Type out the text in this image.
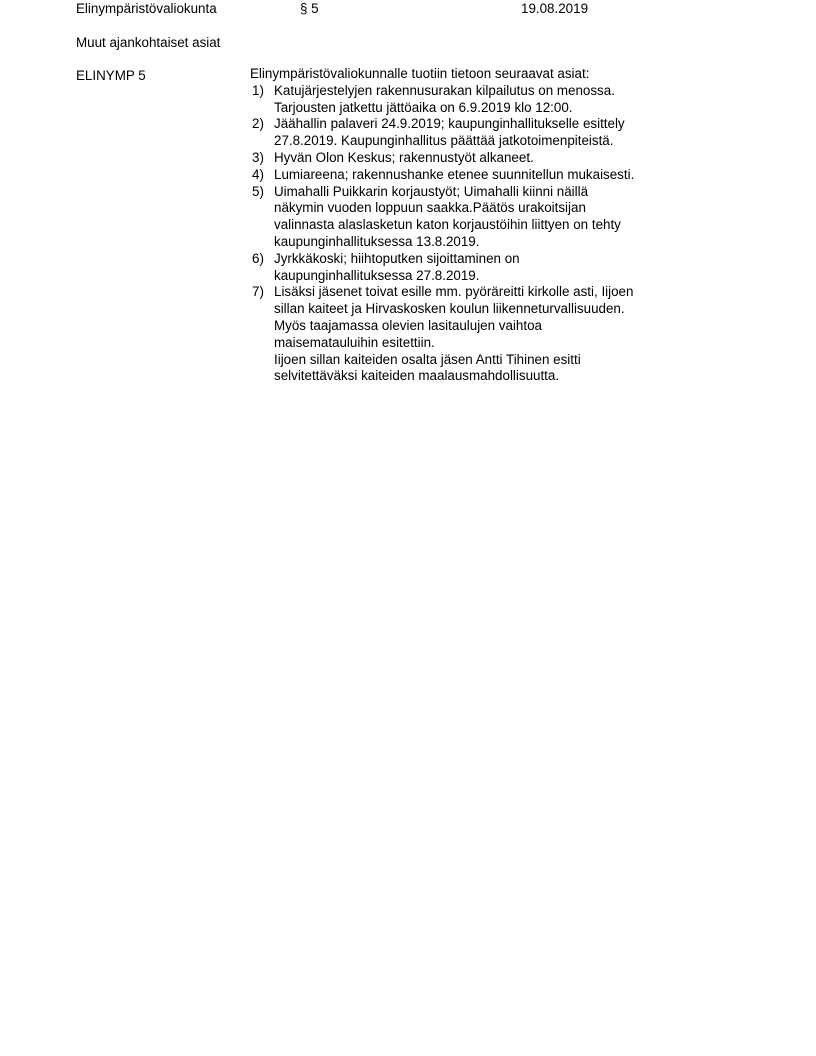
Elinympäristövaliokunta	§ 5	19.08.2019
Muut ajankohtaiset asiat
ELINYMP 5	Elinympäristövaliokunnalle tuotiin tietoon seuraavat asiat:
1) Katujärjestelyjen rakennusurakan kilpailutus on menossa.
Tarjousten jatkettu jättöaika on 6.9.2019 klo 12:00.
2) Jäähallin palaveri 24.9.2019; kaupunginhallitukselle esittely
27.8.2019. Kaupunginhallitus päättää jatkotoimenpiteistä.
3) Hyvän Olon Keskus; rakennustyöt alkaneet.
4) Lumiareena; rakennushanke etenee suunnitellun mukaisesti.
5) Uimahalli Puikkarin korjaustyöt; Uimahalli kiinni näillä
näkymin vuoden loppuun saakka.Päätös urakoitsijan
valinnasta alaslasketun katon korjaustöihin liittyen on tehty
kaupunginhallituksessa 13.8.2019.
6) Jyrkkäkoski; hiihtoputken sijoittaminen on
kaupunginhallituksessa 27.8.2019.
7) Lisäksi jäsenet toivat esille mm. pyöräreitti kirkolle asti, Iijoen
sillan kaiteet ja Hirvaskosken koulun liikenneturvallisuuden.
Myös taajamassa olevien lasitaulujen vaihtoa
maisematauluihin esitettiin.
Iijoen sillan kaiteiden osalta jäsen Antti Tihinen esitti
selvitettäväksi kaiteiden maalausmahdollisuutta.
